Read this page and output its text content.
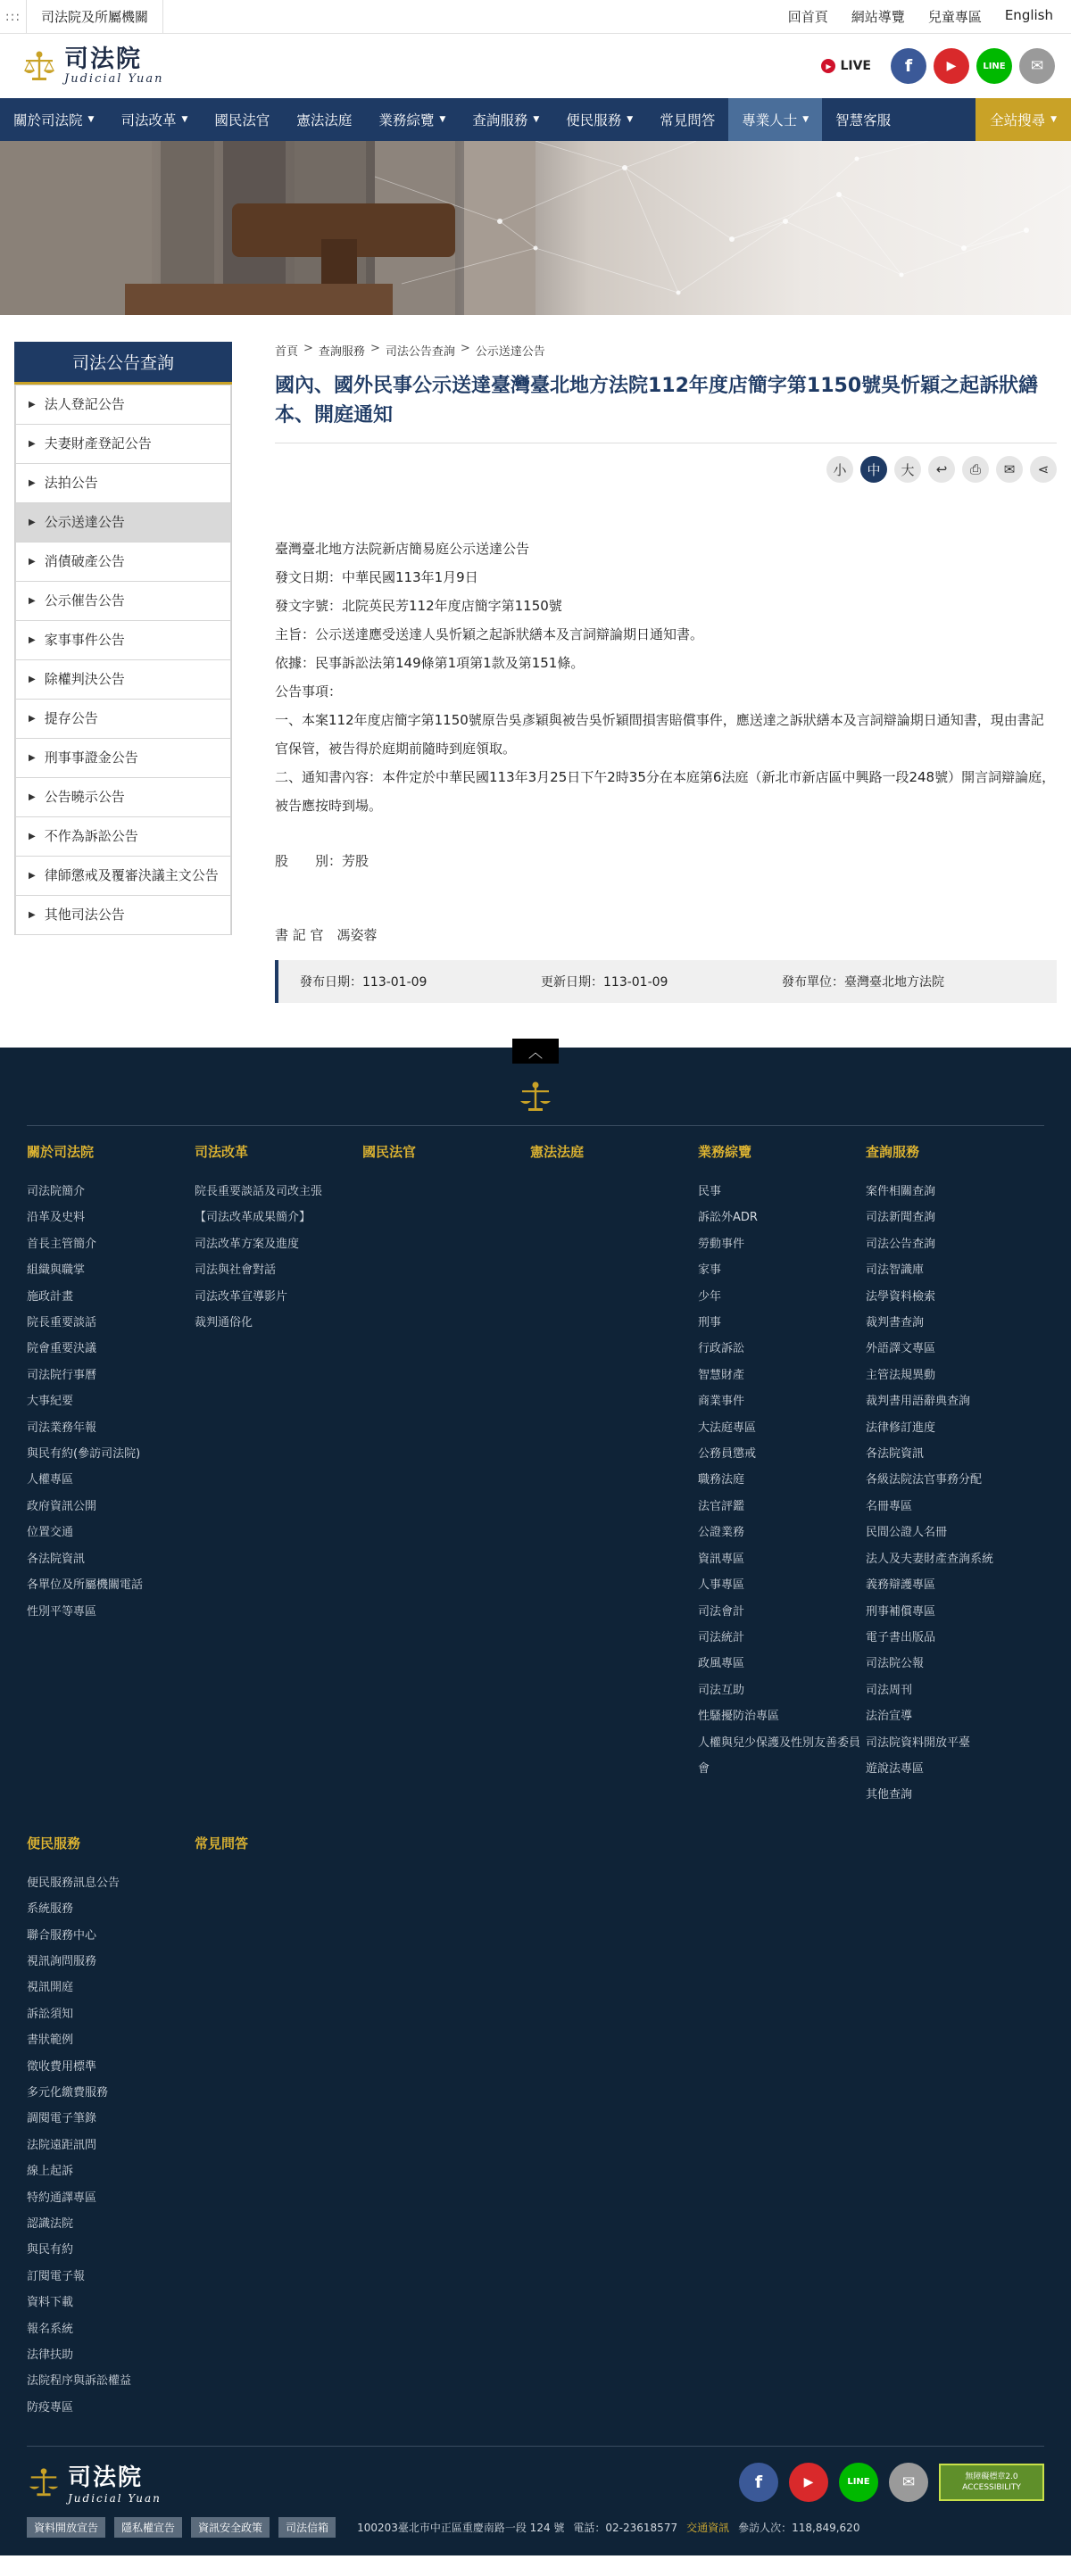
:::	司法院及所屬機關	回首頁 網站導覽 兒童專區 English
司法院
Judicial Yuan
▶ LIVE	f	▶	LINE	✉
關於司法院 ▼ 司法改革 ▼ 國民法官 憲法法庭 業務綜覽 ▼ 查詢服務 ▼ 便民服務 ▼ 常見問答 專業人士 ▼ 智慧客服	全站搜尋 ▼
司法公告查詢
▶ 法人登記公告
▶ 夫妻財產登記公告
▶ 法拍公告
▶ 公示送達公告
▶ 消債破產公告
▶ 公示催告公告
▶ 家事事件公告
▶ 除權判決公告
▶ 提存公告
▶ 刑事事證金公告
▶ 公告曉示公告
▶ 不作為訴訟公告
▶ 律師懲戒及覆審決議主文公告
▶ 其他司法公告
首頁 > 查詢服務 > 司法公告查詢 > 公示送達公告
國內、國外民事公示送達臺灣臺北地方法院112年度店簡字第1150號吳忻穎之起訴狀繕本、開庭通知
小	中	大	↩	⎙	✉	⋖

臺灣臺北地方法院新店簡易庭公示送達公告

發文日期：中華民國113年1月9日

發文字號：北院英民芳112年度店簡字第1150號

主旨：公示送達應受送達人吳忻穎之起訴狀繕本及言詞辯論期日通知書。

依據：民事訴訟法第149條第1項第1款及第151條。

公告事項：

一、本案112年度店簡字第1150號原告吳彥穎與被告吳忻穎間損害賠償事件，應送達之訴狀繕本及言詞辯論期日通知書，現由書記官保管，被告得於庭期前隨時到庭領取。

二、通知書內容：本件定於中華民國113年3月25日下午2時35分在本庭第6法庭（新北市新店區中興路一段248號）開言詞辯論庭，被告應按時到場。

股　　別：芳股

書 記 官　馮姿蓉
發布日期：113-01-09	更新日期：113-01-09	發布單位：臺灣臺北地方法院
︿
關於司法院
司法院簡介
沿革及史料
首長主管簡介
組織與職掌
施政計畫
院長重要談話
院會重要決議
司法院行事曆
大事紀要
司法業務年報
與民有約(參訪司法院)
人權專區
政府資訊公開
位置交通
各法院資訊
各單位及所屬機關電話
性別平等專區
司法改革
院長重要談話及司改主張
【司法改革成果簡介】
司法改革方案及進度
司法與社會對話
司法改革宣導影片
裁判通俗化
國民法官	憲法法庭	業務綜覽
民事
訴訟外ADR
勞動事件
家事
少年
刑事
行政訴訟
智慧財產
商業事件
大法庭專區
公務員懲戒
職務法庭
法官評鑑
公證業務
資訊專區
人事專區
司法會計
司法統計
政風專區
司法互助
性騷擾防治專區
人權與兒少保護及性別友善委員會
查詢服務
案件相關查詢
司法新聞查詢
司法公告查詢
司法智識庫
法學資料檢索
裁判書查詢
外語譯文專區
主管法規異動
裁判書用語辭典查詢
法律修訂進度
各法院資訊
各級法院法官事務分配
名冊專區
民間公證人名冊
法人及夫妻財產查詢系統
義務辯護專區
刑事補償專區
電子書出版品
司法院公報
司法周刊
法治宣導
司法院資料開放平臺
遊說法專區
其他查詢
便民服務
便民服務訊息公告
系統服務
聯合服務中心
視訊詢問服務
視訊開庭
訴訟須知
書狀範例
徵收費用標準
多元化繳費服務
調閱電子筆錄
法院遠距訊問
線上起訴
特約通譯專區
認識法院
與民有約
訂閱電子報
資料下載
報名系統
法律扶助
法院程序與訴訟權益
防疫專區
常見問答
司法院
Judicial Yuan
f	▶	LINE	✉	無障礙標章2.0
ACCESSIBILITY
資料開放宣告	隱私權宣告	資訊安全政策	司法信箱	100203臺北市中正區重慶南路一段 124 號 電話：02-23618577 交通資訊 參訪人次：118,849,620
